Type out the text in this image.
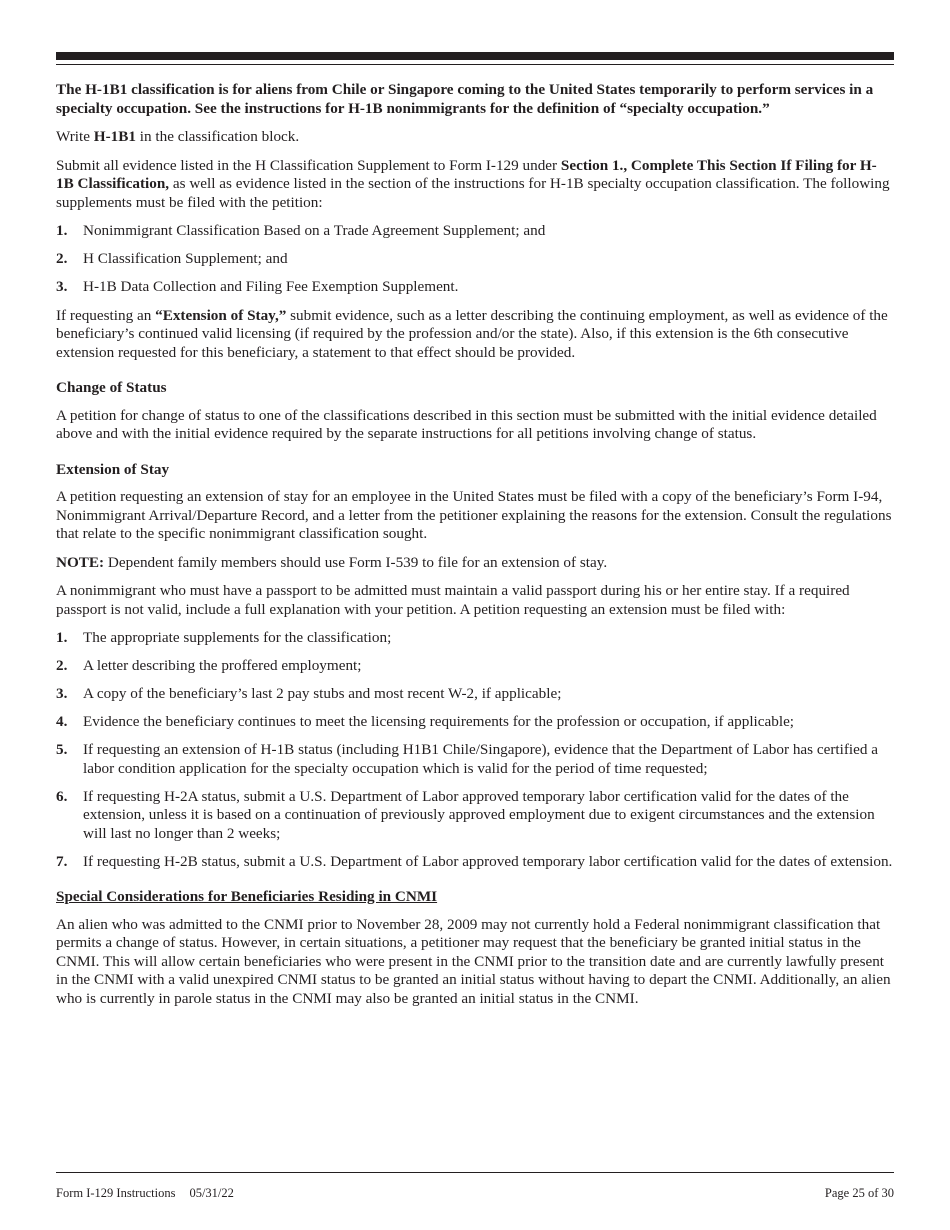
The H-1B1 classification is for aliens from Chile or Singapore coming to the United States temporarily to perform services in a specialty occupation. See the instructions for H-1B nonimmigrants for the definition of “specialty occupation.”

Write H-1B1 in the classification block.

Submit all evidence listed in the H Classification Supplement to Form I-129 under Section 1., Complete This Section If Filing for H-1B Classification, as well as evidence listed in the section of the instructions for H-1B specialty occupation classification. The following supplements must be filed with the petition:

1. Nonimmigrant Classification Based on a Trade Agreement Supplement; and
2. H Classification Supplement; and
3. H-1B Data Collection and Filing Fee Exemption Supplement.

If requesting an “Extension of Stay,” submit evidence, such as a letter describing the continuing employment, as well as evidence of the beneficiary’s continued valid licensing (if required by the profession and/or the state). Also, if this extension is the 6th consecutive extension requested for this beneficiary, a statement to that effect should be provided.

Change of Status

A petition for change of status to one of the classifications described in this section must be submitted with the initial evidence detailed above and with the initial evidence required by the separate instructions for all petitions involving change of status.

Extension of Stay

A petition requesting an extension of stay for an employee in the United States must be filed with a copy of the beneficiary’s Form I-94, Nonimmigrant Arrival/Departure Record, and a letter from the petitioner explaining the reasons for the extension. Consult the regulations that relate to the specific nonimmigrant classification sought.

NOTE: Dependent family members should use Form I-539 to file for an extension of stay.

A nonimmigrant who must have a passport to be admitted must maintain a valid passport during his or her entire stay. If a required passport is not valid, include a full explanation with your petition. A petition requesting an extension must be filed with:

1. The appropriate supplements for the classification;
2. A letter describing the proffered employment;
3. A copy of the beneficiary’s last 2 pay stubs and most recent W-2, if applicable;
4. Evidence the beneficiary continues to meet the licensing requirements for the profession or occupation, if applicable;
5. If requesting an extension of H-1B status (including H1B1 Chile/Singapore), evidence that the Department of Labor has certified a labor condition application for the specialty occupation which is valid for the period of time requested;
6. If requesting H-2A status, submit a U.S. Department of Labor approved temporary labor certification valid for the dates of the extension, unless it is based on a continuation of previously approved employment due to exigent circumstances and the extension will last no longer than 2 weeks;
7. If requesting H-2B status, submit a U.S. Department of Labor approved temporary labor certification valid for the dates of extension.
Special Considerations for Beneficiaries Residing in CNMI

An alien who was admitted to the CNMI prior to November 28, 2009 may not currently hold a Federal nonimmigrant classification that permits a change of status. However, in certain situations, a petitioner may request that the beneficiary be granted initial status in the CNMI. This will allow certain beneficiaries who were present in the CNMI prior to the transition date and are currently lawfully present in the CNMI with a valid unexpired CNMI status to be granted an initial status without having to depart the CNMI. Additionally, an alien who is currently in parole status in the CNMI may also be granted an initial status in the CNMI.

Form I-129 Instructions 05/31/22	Page 25 of 30
